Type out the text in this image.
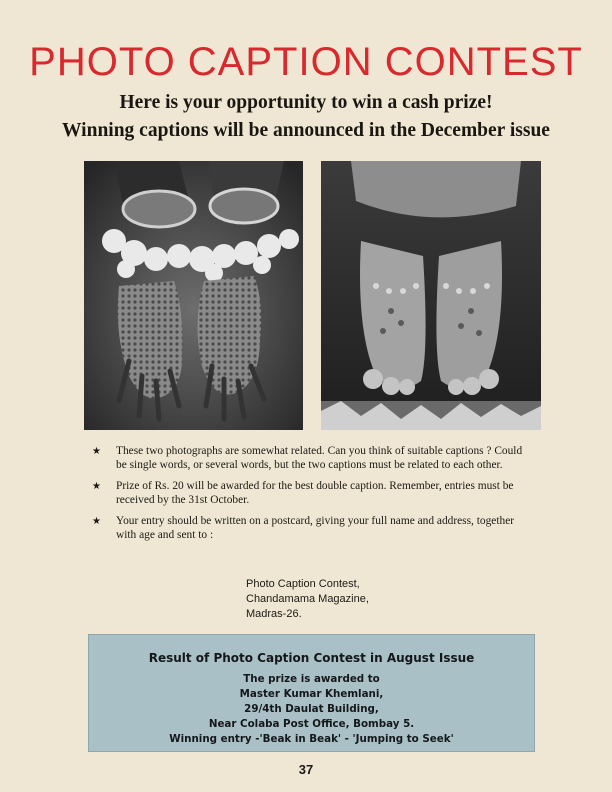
PHOTO CAPTION CONTEST
Here is your opportunity to win a cash prize!
Winning captions will be announced in the December issue
★ These two photographs are somewhat related. Can you think of suitable captions ? Could be single words, or several words, but the two captions must be related to each other.
★ Prize of Rs. 20 will be awarded for the best double caption. Remember, entries must be received by the 31st October.
★ Your entry should be written on a postcard, giving your full name and address, together with age and sent to :
Photo Caption Contest,
Chandamama Magazine,
Madras-26.
Result of Photo Caption Contest in August Issue
The prize is awarded to
Master Kumar Khemlani,
29/4th Daulat Building,
Near Colaba Post Office, Bombay 5.
Winning entry -'Beak in Beak' - 'Jumping to Seek'
37
